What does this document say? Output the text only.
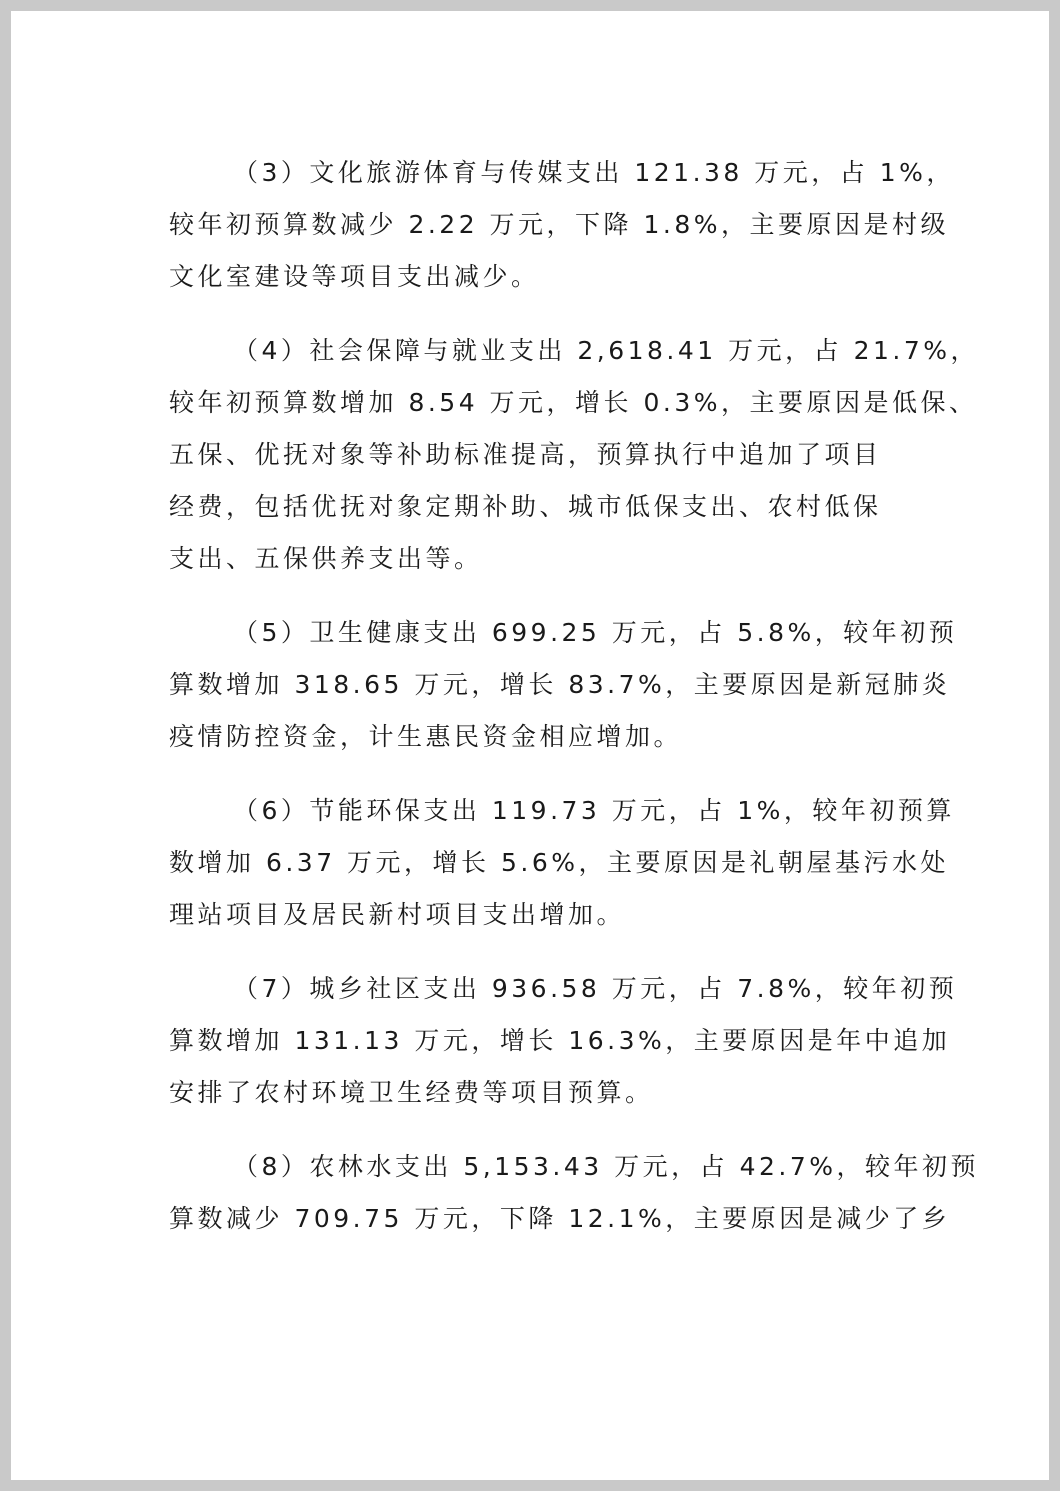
（3）文化旅游体育与传媒支出 121.38 万元，占 1%，
较年初预算数减少 2.22 万元，下降 1.8%，主要原因是村级
文化室建设等项目支出减少。

（4）社会保障与就业支出 2,618.41 万元，占 21.7%，
较年初预算数增加 8.54 万元，增长 0.3%，主要原因是低保、
五保、优抚对象等补助标准提高，预算执行中追加了项目
经费，包括优抚对象定期补助、城市低保支出、农村低保
支出、五保供养支出等。

（5）卫生健康支出 699.25 万元，占 5.8%，较年初预
算数增加 318.65 万元，增长 83.7%，主要原因是新冠肺炎
疫情防控资金，计生惠民资金相应增加。

（6）节能环保支出 119.73 万元，占 1%，较年初预算
数增加 6.37 万元，增长 5.6%，主要原因是礼朝屋基污水处
理站项目及居民新村项目支出增加。

（7）城乡社区支出 936.58 万元，占 7.8%，较年初预
算数增加 131.13 万元，增长 16.3%，主要原因是年中追加
安排了农村环境卫生经费等项目预算。

（8）农林水支出 5,153.43 万元，占 42.7%，较年初预
算数减少 709.75 万元，下降 12.1%，主要原因是减少了乡
